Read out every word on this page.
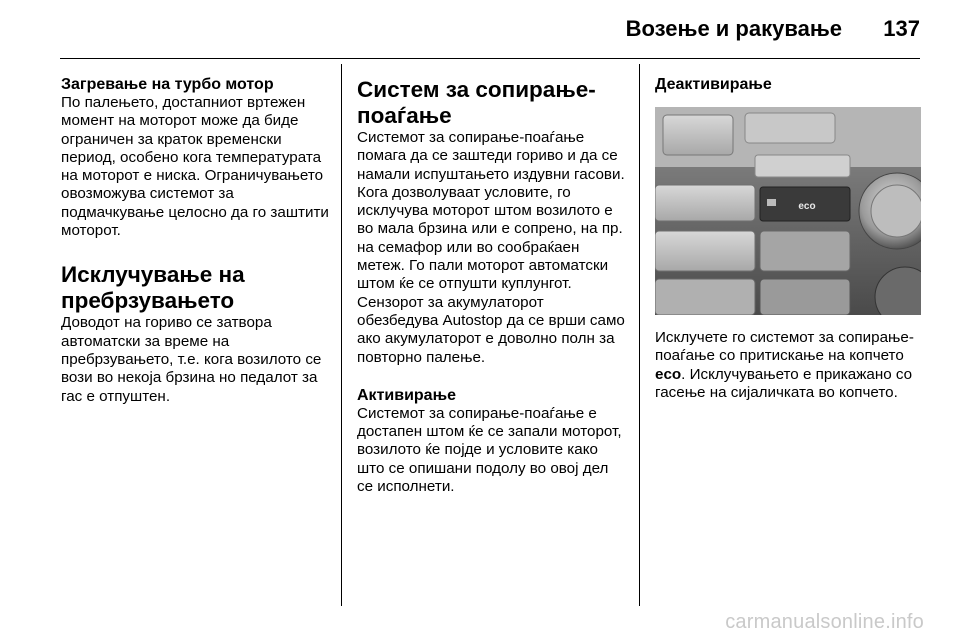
Возење и ракување 137
Загревање на турбо мотор

По палењето, достапниот вртежен момент на моторот може да биде ограничен за краток временски период, особено кога температурата на моторот е ниска. Ограничувањето овозможува системот за подмачкување целосно да го заштити моторот.

Исклучување на пребрзувањето

Доводот на гориво се затвора автоматски за време на пребрзувањето, т.е. кога возилото се вози во некоја брзина но педалот за гас е отпуштен.

Систем за сопирање-поаѓање

Системот за сопирање-поаѓање помага да се заштеди гориво и да се намали испуштањето издувни гасови. Кога дозволуваат условите, го исклучува моторот штом возилото е во мала брзина или е сопрено, на пр. на семафор или во сообраќаен метеж. Го пали моторот автоматски штом ќе се отпушти куплунгот. Сензорот за акумулаторот обезбедува Autostop да се врши само ако акумулаторот е доволно полн за повторно палење.

Активирање

Системот за сопирање-поаѓање е достапен штом ќе се запали моторот, возилото ќе појде и условите како што се опишани подолу во овој дел се исполнети.

Деактивирање
eco

Исклучете го системот за сопирање-поаѓање со притискање на копчето eco. Исклучувањето е прикажано со гасење на сијаличката во копчето.

carmanualsonline.info
